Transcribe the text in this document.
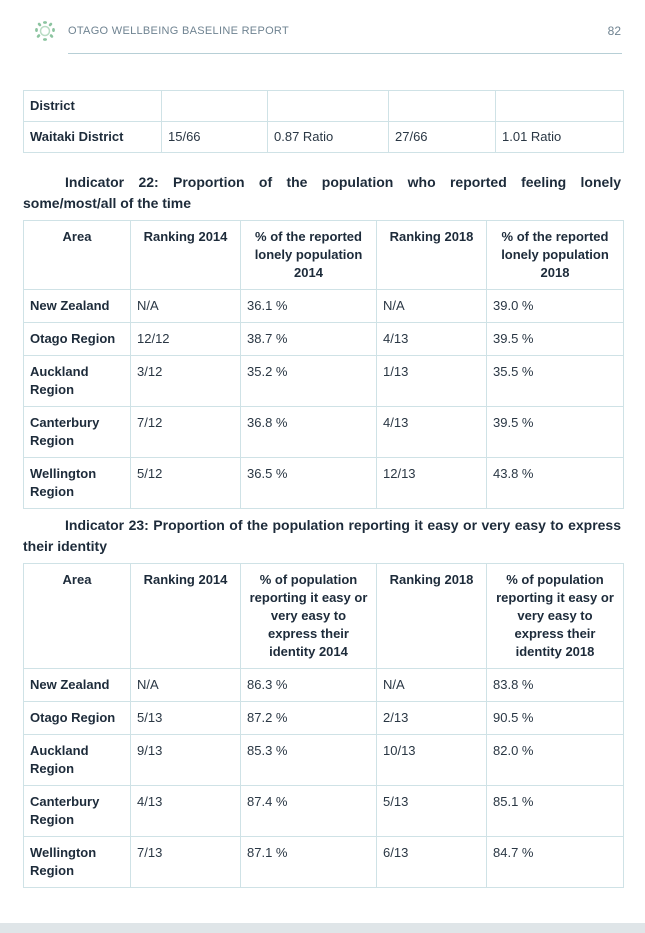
OTAGO WELLBEING BASELINE REPORT	82
District				
Waitaki District	15/66	0.87 Ratio	27/66	1.01 Ratio
Indicator 22: Proportion of the population who reported feeling lonely some/most/all of the time
Area	Ranking 2014	% of the reported lonely population 2014	Ranking 2018	% of the reported lonely population 2018
New Zealand	N/A	36.1 %	N/A	39.0 %
Otago Region	12/12	38.7 %	4/13	39.5 %
Auckland Region	3/12	35.2 %	1/13	35.5 %
Canterbury Region	7/12	36.8 %	4/13	39.5 %
Wellington Region	5/12	36.5 %	12/13	43.8 %
Indicator 23: Proportion of the population reporting it easy or very easy to express their identity
Area	Ranking 2014	% of population reporting it easy or very easy to express their identity 2014	Ranking 2018	% of population reporting it easy or very easy to express their identity 2018
New Zealand	N/A	86.3 %	N/A	83.8 %
Otago Region	5/13	87.2 %	2/13	90.5 %
Auckland Region	9/13	85.3 %	10/13	82.0 %
Canterbury Region	4/13	87.4 %	5/13	85.1 %
Wellington Region	7/13	87.1 %	6/13	84.7 %
